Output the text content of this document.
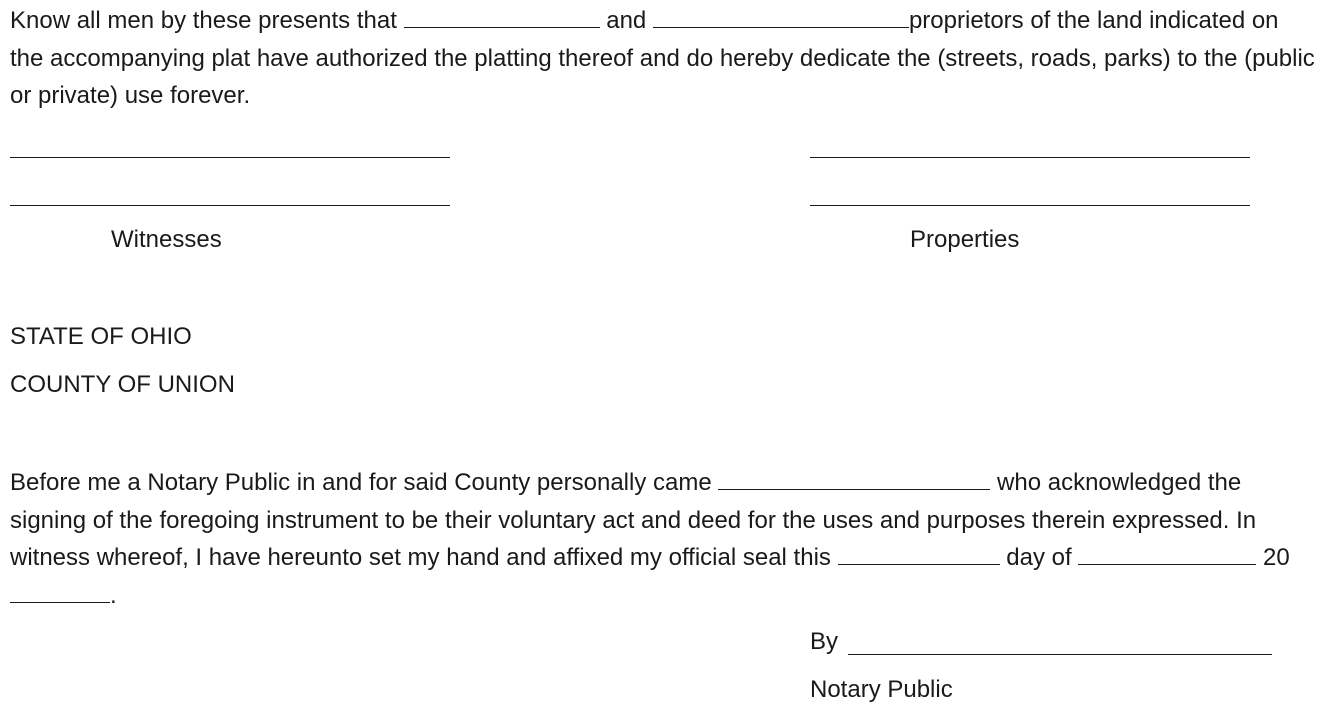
Know all men by these presents that	and	proprietors of the land indicated on the accompanying plat have authorized the platting thereof and do hereby dedicate the (streets, roads, parks) to the (public or private) use forever.

Witnesses	Properties
STATE OF OHIO
COUNTY OF UNION

Before me a Notary Public in and for said County personally came	who acknowledged the signing of the foregoing instrument to be their voluntary act and deed for the uses and purposes therein expressed. In witness whereof, I have hereunto set my hand and affixed my official seal this	day of	20 .

By
Notary Public
